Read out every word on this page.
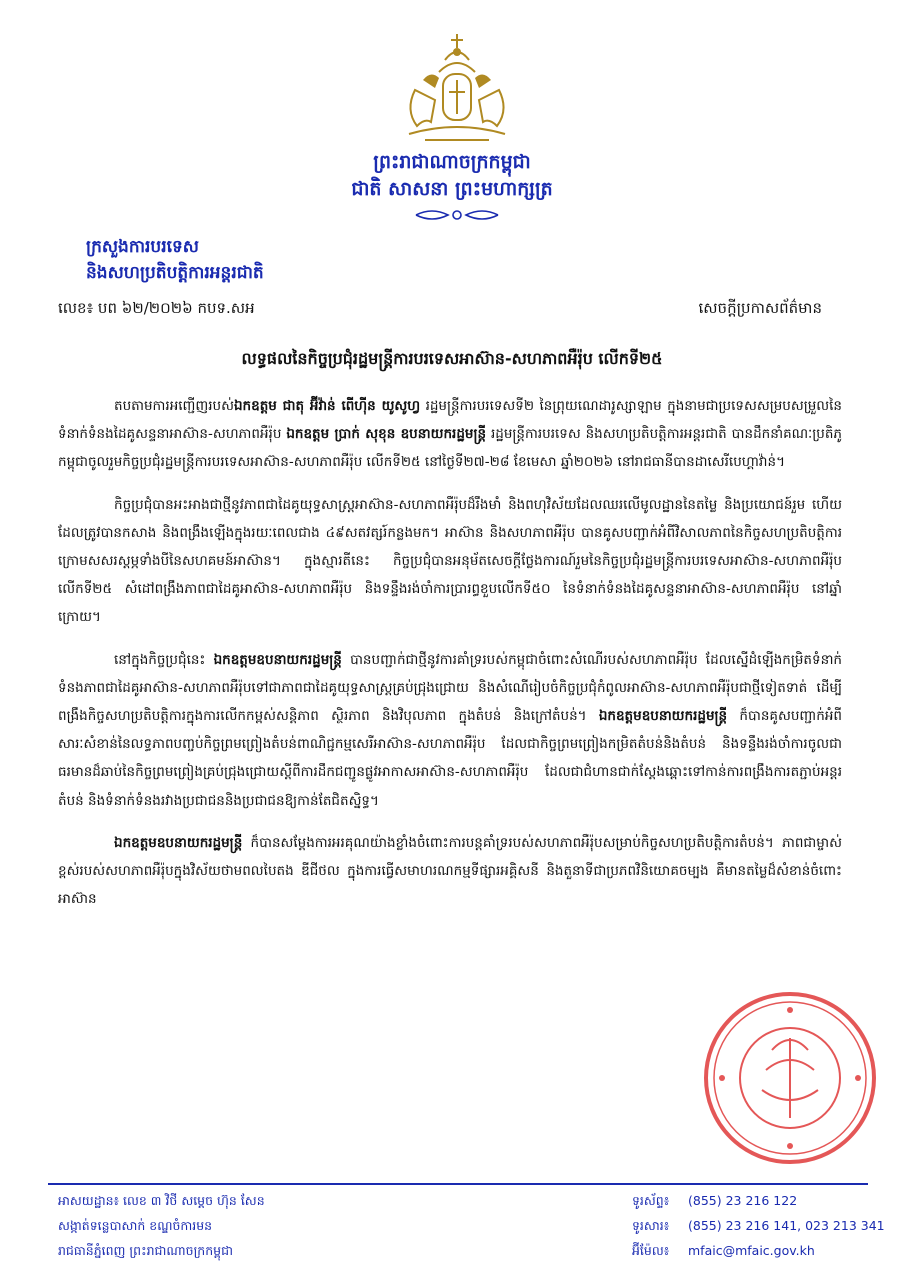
ព្រះរាជាណាចក្រកម្ពុជា
ជាតិ សាសនា ព្រះមហាក្សត្រ
ក្រសួងការបរទេស
និងសហប្រតិបត្តិការអន្តរជាតិ
លេខ៖ បព ៦២/២០២៦ កបទ.សអ	សេចក្ដីប្រកាសព័ត៌មាន
លទ្ធផលនៃកិច្ចប្រជុំរដ្ឋមន្ត្រីការបរទេសអាស៊ាន-សហភាពអឺរ៉ុប លើកទី២៥

តបតាមការអញ្ជើញរបស់ឯកឧត្តម ជាតុ អ៊ីវ៉ាន់ ពើហ៊ីន យូសូហ្វ រដ្ឋមន្ត្រីការបរទេសទី២ នៃព្រុយណេដារូស្សាឡាម ក្នុងនាមជាប្រទេសសម្របសម្រួលនៃទំនាក់ទំនងដៃគូសន្ទនាអាស៊ាន-សហភាពអឺរ៉ុប ឯកឧត្តម ប្រាក់ សុខុន ឧបនាយករដ្ឋមន្ត្រី រដ្ឋមន្ត្រីការបរទេស និងសហប្រតិបត្តិការអន្តរជាតិ បានដឹកនាំគណៈប្រតិភូកម្ពុជាចូលរួមកិច្ចប្រជុំរដ្ឋមន្ត្រីការបរទេសអាស៊ាន-សហភាពអឺរ៉ុប លើកទី២៥ នៅថ្ងៃទី២៧-២៨ ខែមេសា ឆ្នាំ២០២៦ នៅរាជធានីបានដាសេរីបេហ្គាវ៉ាន់។

កិច្ចប្រជុំបានអះអាងជាថ្មីនូវភាពជាដៃគូយុទ្ធសាស្ត្រអាស៊ាន-សហភាពអឺរ៉ុបដ៏រឹងមាំ និងពហុវិស័យដែលឈរលើមូលដ្ឋាននៃតម្លៃ និងប្រយោជន៍រួម ហើយដែលត្រូវបានកសាង និងពង្រឹងឡើងក្នុងរយៈពេលជាង ៤៩សតវត្សរ៍កន្លងមក។ អាស៊ាន និងសហភាពអឺរ៉ុប បានគូសបញ្ជាក់អំពីវិសាលភាពនៃកិច្ចសហប្រតិបត្តិការក្រោមសសរស្ដម្ភទាំងបីនៃសហគមន៍អាស៊ាន។ ក្នុងស្មារតីនេះ កិច្ចប្រជុំបានអនុម័តសេចក្តីថ្លែងការណ៍រួមនៃកិច្ចប្រជុំរដ្ឋមន្ត្រីការបរទេសអាស៊ាន-សហភាពអឺរ៉ុប លើកទី២៥ សំដៅពង្រឹងភាពជាដៃគូអាស៊ាន-សហភាពអឺរ៉ុប និងទន្ទឹងរង់ចាំការប្រារព្ធខួបលើកទី៥០ នៃទំនាក់ទំនងដៃគូសន្ទនាអាស៊ាន-សហភាពអឺរ៉ុប នៅឆ្នាំក្រោយ។

នៅក្នុងកិច្ចប្រជុំនេះ ឯកឧត្តមឧបនាយករដ្ឋមន្ត្រី បានបញ្ជាក់ជាថ្មីនូវការគាំទ្ររបស់កម្ពុជាចំពោះសំណើរបស់សហភាពអឺរ៉ុប ដែលស្នើដំឡើងកម្រិតទំនាក់ទំនងភាពជាដៃគូអាស៊ាន-សហភាពអឺរ៉ុបទៅជាភាពជាដៃគូយុទ្ធសាស្ត្រគ្រប់ជ្រុងជ្រោយ និងសំណើរៀបចំកិច្ចប្រជុំកំពូលអាស៊ាន-សហភាពអឺរ៉ុបជាថ្មីទៀតទាត់ ដើម្បីពង្រឹងកិច្ចសហប្រតិបត្តិការក្នុងការលើកកម្ពស់សន្តិភាព ស្ថិរភាព និងវិបុលភាព ក្នុងតំបន់ និងក្រៅតំបន់។ ឯកឧត្តមឧបនាយករដ្ឋមន្ត្រី ក៏បានគូសបញ្ជាក់អំពីសារៈសំខាន់នៃលទ្ធភាពបញ្ចប់កិច្ចព្រមព្រៀងតំបន់ពាណិជ្ជកម្មសេរីអាស៊ាន-សហភាពអឺរ៉ុប ដែលជាកិច្ចព្រមព្រៀងកម្រិតតំបន់និងតំបន់ និងទន្ទឹងរង់ចាំការចូលជាធរមានដ៏ឆាប់នៃកិច្ចព្រមព្រៀងគ្រប់ជ្រុងជ្រោយស្ដីពីការដឹកជញ្ជូនផ្លូវអាកាសអាស៊ាន-សហភាពអឺរ៉ុប ដែលជាជំហានជាក់ស្តែងឆ្ពោះទៅកាន់ការពង្រឹងការតភ្ជាប់អន្តរតំបន់ និងទំនាក់ទំនងរវាងប្រជាជននិងប្រជាជនឱ្យកាន់តែជិតស្និទ្ធ។

ឯកឧត្តមឧបនាយករដ្ឋមន្ត្រី ក៏បានសម្ដែងការអរគុណយ៉ាងខ្លាំងចំពោះការបន្តគាំទ្ររបស់សហភាពអឺរ៉ុបសម្រាប់កិច្ចសហប្រតិបត្តិការតំបន់។ ភាពជាម្ចាស់ខ្ពស់របស់សហភាពអឺរ៉ុបក្នុងវិស័យថាមពលបៃតង ឌីជីថល ក្នុងការធ្វើសមាហរណកម្មទីផ្សារអគ្គិសនី និងតួនាទីជាប្រភពវិនិយោគចម្បង គឺមានតម្លៃដ៏សំខាន់ចំពោះអាស៊ាន

អាសយដ្ឋាន៖ លេខ ៣ វិថី សម្ដេច ហ៊ុន សែន
សង្កាត់ទន្លេបាសាក់ ខណ្ឌចំការមន
រាជធានីភ្នំពេញ ព្រះរាជាណាចក្រកម្ពុជា
ទូរស័ព្ទ៖ (855) 23 216 122
ទូរសារ៖ (855) 23 216 141, 023 213 341
អ៊ីម៉ែល៖ mfaic@mfaic.gov.kh
